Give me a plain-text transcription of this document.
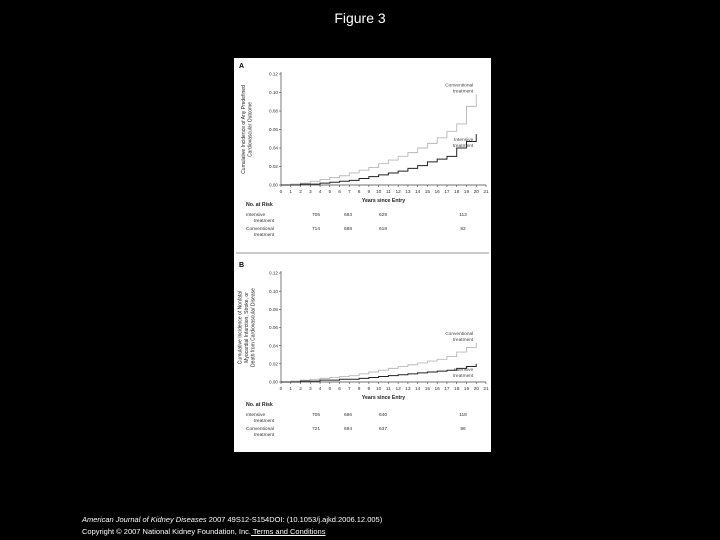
Figure 3
A
Cumulative Incidence of Any Predefined Cardiovascular Outcome
0.00
0.02
0.04
0.06
0.08
0.10
0.12
0 1 2 3 4 5 6 7 8 9 10 11 12 13 14 15 16 17 18 19 20 21
Years since Entry
Conventional
treatment
Intensive
treatment
No. at Risk
Intensive
treatment
705	683	629	113
Conventional
treatment
714	688	618	92
B
Cumulative Incidence of Nonfatal Myocardial Infarction, Stroke, or Death from Cardiovascular Disease
0.00
0.02
0.04
0.06
0.08
0.10
0.12
0 1 2 3 4 5 6 7 8 9 10 11 12 13 14 15 16 17 18 19 20 21
Years since Entry
Conventional
treatment
Intensive
treatment
No. at Risk
Intensive
treatment
705	686	640	118
Conventional
treatment
721	694	637	96
American Journal of Kidney Diseases 2007 49S12-S154DOI: (10.1053/j.ajkd.2006.12.005)
Copyright © 2007 National Kidney Foundation, Inc. Terms and Conditions
